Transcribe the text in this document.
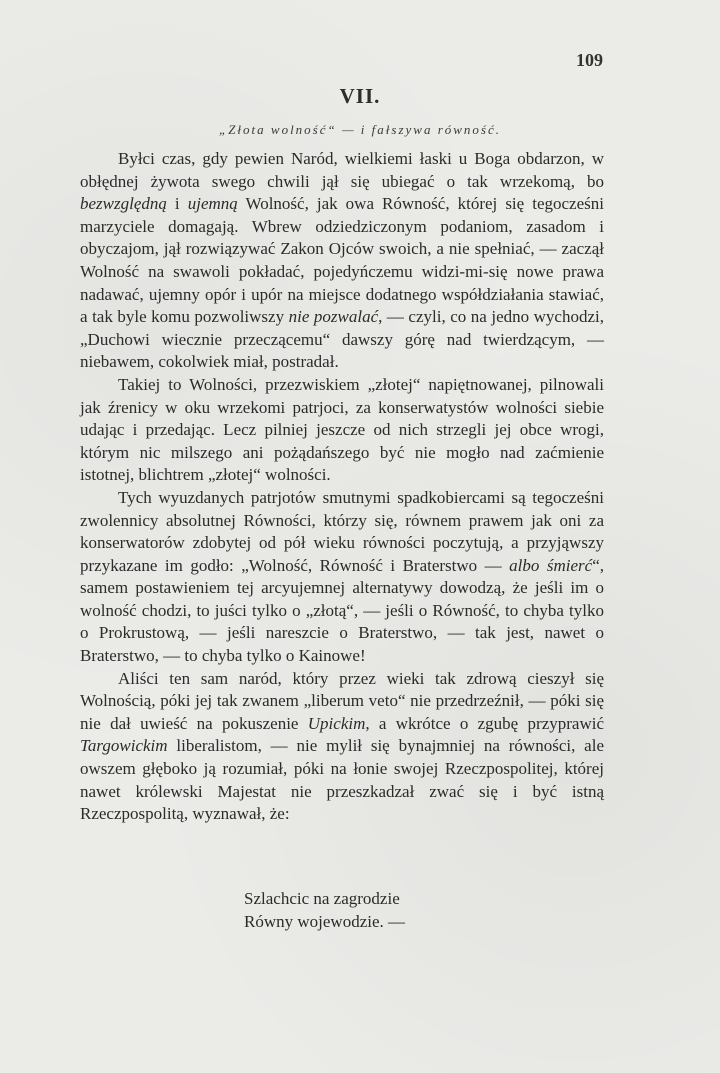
109
VII.
„Złota wolność“ — i fałszywa równość.

Byłci czas, gdy pewien Naród, wielkiemi łaski u Boga obdarzon, w obłędnej żywota swego chwili jął się ubiegać o tak wrzekomą, bo bezwzględną i ujemną Wolność, jak owa Równość, której się tegocześni marzyciele domagają. Wbrew odziedziczonym podaniom, zasadom i obyczajom, jął rozwiązywać Zakon Ojców swoich, a nie spełniać, — zaczął Wolność na swawoli pokładać, pojedyńczemu widzi-mi-się nowe prawa nadawać, ujemny opór i upór na miejsce dodatnego współdziałania stawiać, a tak byle komu pozwoliwszy nie pozwalać, — czyli, co na jedno wychodzi, „Duchowi wiecznie przeczącemu“ dawszy górę nad twierdzącym, — niebawem, cokolwiek miał, postradał.

Takiej to Wolności, przezwiskiem „złotej“ napiętnowanej, pilnowali jak źrenicy w oku wrzekomi patrjoci, za konserwatystów wolności siebie udając i przedając. Lecz pilniej jeszcze od nich strzegli jej obce wrogi, którym nic milszego ani pożądańszego być nie mogło nad zaćmienie istotnej, blichtrem „złotej“ wolności.

Tych wyuzdanych patrjotów smutnymi spadkobiercami są tegocześni zwolennicy absolutnej Równości, którzy się, równem prawem jak oni za konserwatorów zdobytej od pół wieku równości poczytują, a przyjąwszy przykazane im godło: „Wolność, Równość i Braterstwo — albo śmierć“, samem postawieniem tej arcyujemnej alternatywy dowodzą, że jeśli im o wolność chodzi, to juści tylko o „złotą“, — jeśli o Równość, to chyba tylko o Prokrustową, — jeśli nareszcie o Braterstwo, — tak jest, nawet o Braterstwo, — to chyba tylko o Kainowe!

Aliści ten sam naród, który przez wieki tak zdrową cieszył się Wolnością, póki jej tak zwanem „liberum veto“ nie przedrzeźnił, — póki się nie dał uwieść na pokuszenie Upickim, a wkrótce o zgubę przyprawić Targowickim liberalistom, — nie mylił się bynajmniej na równości, ale owszem głęboko ją rozumiał, póki na łonie swojej Rzeczpospolitej, której nawet królewski Majestat nie przeszkadzał zwać się i być istną Rzeczpospolitą, wyznawał, że:

Szlachcic na zagrodzie
Równy wojewodzie. —
